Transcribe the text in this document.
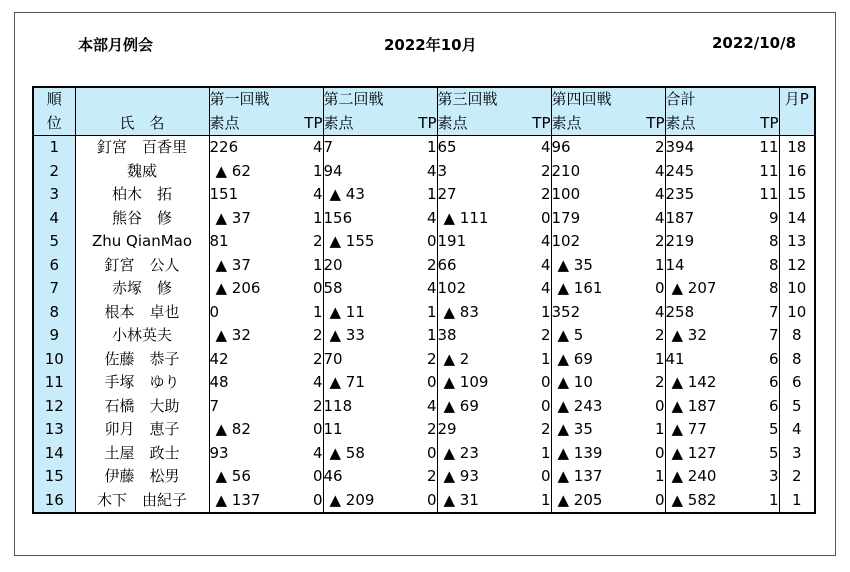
本部月例会	2022年10月	2022/10/8
順		第一回戦		第二回戦		第三回戦		第四回戦		合計		月P
位	氏　名	素点	TP	素点	TP	素点	TP	素点	TP	素点	TP	
1	釘宮　百香里	226	4	7	1	65	4	96	2	394	11	18
2	魏威	▲ 62	1	94	4	3	2	210	4	245	11	16
3	柏木　拓	151	4	▲ 43	1	27	2	100	4	235	11	15
4	熊谷　修	▲ 37	1	156	4	▲ 111	0	179	4	187	9	14
5	Zhu QianMao	81	2	▲ 155	0	191	4	102	2	219	8	13
6	釘宮　公人	▲ 37	1	20	2	66	4	▲ 35	1	14	8	12
7	赤塚　修	▲ 206	0	58	4	102	4	▲ 161	0	▲ 207	8	10
8	根本　卓也	0	1	▲ 11	1	▲ 83	1	352	4	258	7	10
9	小林英夫	▲ 32	2	▲ 33	1	38	2	▲ 5	2	▲ 32	7	8
10	佐藤　恭子	42	2	70	2	▲ 2	1	▲ 69	1	41	6	8
11	手塚　ゆり	48	4	▲ 71	0	▲ 109	0	▲ 10	2	▲ 142	6	6
12	石橋　大助	7	2	118	4	▲ 69	0	▲ 243	0	▲ 187	6	5
13	卯月　恵子	▲ 82	0	11	2	29	2	▲ 35	1	▲ 77	5	4
14	土屋　政士	93	4	▲ 58	0	▲ 23	1	▲ 139	0	▲ 127	5	3
15	伊藤　松男	▲ 56	0	46	2	▲ 93	0	▲ 137	1	▲ 240	3	2
16	木下　由紀子	▲ 137	0	▲ 209	0	▲ 31	1	▲ 205	0	▲ 582	1	1
